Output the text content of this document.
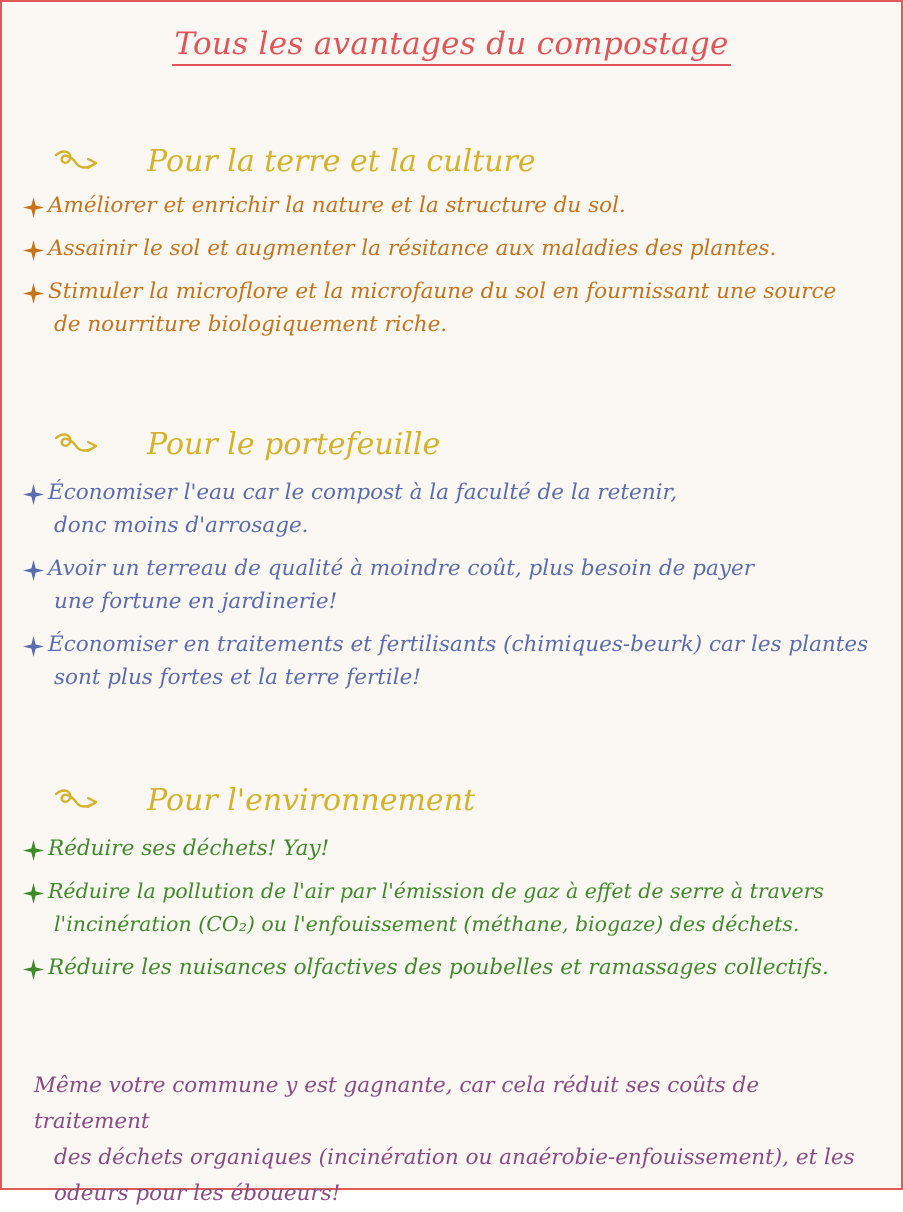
Tous les avantages du compostage
Pour la terre et la culture
Améliorer et enrichir la nature et la structure du sol.
Assainir le sol et augmenter la résitance aux maladies des plantes.
Stimuler la microflore et la microfaune du sol en fournissant une source
de nourriture biologiquement riche.
Pour le portefeuille
Économiser l'eau car le compost à la faculté de la retenir,
donc moins d'arrosage.
Avoir un terreau de qualité à moindre coût, plus besoin de payer
une fortune en jardinerie!
Économiser en traitements et fertilisants (chimiques-beurk) car les plantes
sont plus fortes et la terre fertile!
Pour l'environnement
Réduire ses déchets! Yay!
Réduire la pollution de l'air par l'émission de gaz à effet de serre à travers
l'incinération (CO₂) ou l'enfouissement (méthane, biogaze) des déchets.
Réduire les nuisances olfactives des poubelles et ramassages collectifs.
Même votre commune y est gagnante, car cela réduit ses coûts de traitement
des déchets organiques (incinération ou anaérobie-enfouissement), et les
odeurs pour les éboueurs!
